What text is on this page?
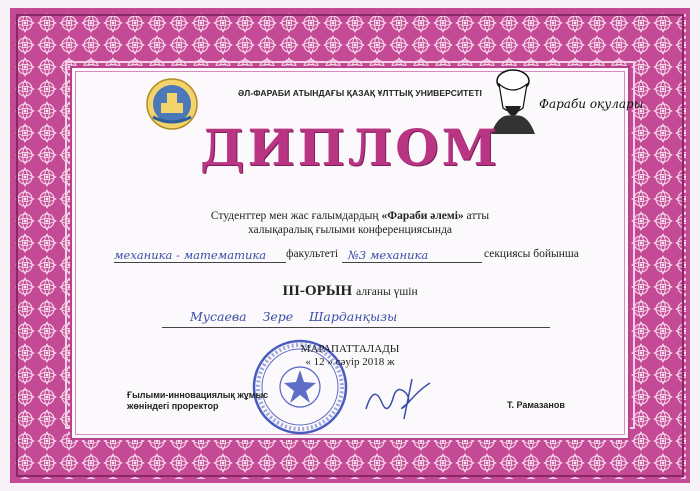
ӘЛ-ФАРАБИ АТЫНДАҒЫ ҚАЗАҚ ҰЛТТЫҚ УНИВЕРСИТЕТІ
Фараби оқулары
ДИПЛОМ
Студенттер мен жас ғалымдардың «Фараби әлемі» атты
халықаралық ғылыми конференциясында
механика - математика	факультеті №3 механика	секциясы бойынша
ІІІ-ОРЫН алғаны үшін
Мусаева Зере Шарданқызы
МАРАПАТТАЛАДЫ
« 12 » сәуір 2018 ж
Ғылыми-инновациялық жұмыс
жөніндегі проректор	Т. Рамазанов
